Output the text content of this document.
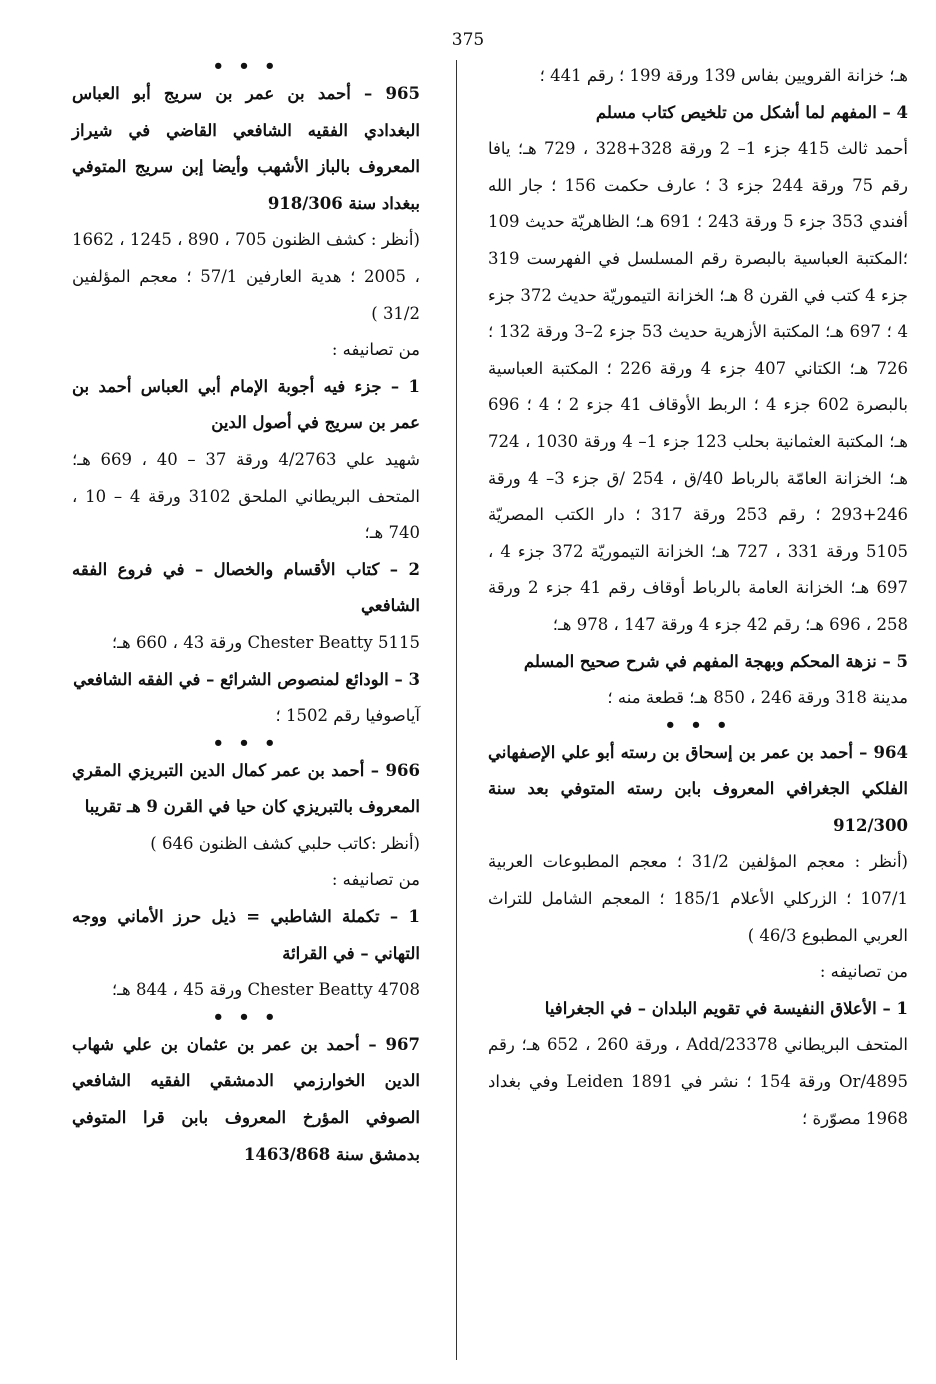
375

هـ؛ خزانة القرويين بفاس 139 ورقة 199 ؛ رقم 441 ؛

4 – المفهم لما أشكل من تلخيص كتاب مسلم

أحمد ثالث 415 جزء 1– 2 ورقة 328+328 ، 729 هـ؛ يافا رقم 75 ورقة 244 جزء 3 ؛ عارف حكمت 156 ؛ جار الله أفندي 353 جزء 5 ورقة 243 ؛ 691 هـ؛ الظاهريّة حديث 109 ؛المكتبة العباسية بالبصرة رقم المسلسل في الفهرست 319 جزء 4 كتب في القرن 8 هـ؛ الخزانة التيموريّة حديث 372 جزء 4 ؛ 697 هـ؛ المكتبة الأزهرية حديث 53 جزء 2–3 ورقة 132 ؛ 726 هـ؛ الكتاني 407 جزء 4 ورقة 226 ؛ المكتبة العباسية بالبصرة 602 جزء 4 ؛ الربط الأوقاف 41 جزء 2 ؛ 4 ؛ 696 هـ؛ المكتبة العثمانية بحلب 123 جزء 1– 4 ورقة 1030 ، 724 هـ؛ الخزانة العامّة بالرباط 40/ق ، 254 /ق جزء 3– 4 ورقة 246+293 ؛ رقم 253 ورقة 317 ؛ دار الكتب المصريّة 5105 ورقة 331 ، 727 هـ؛ الخزانة التيموريّة 372 جزء 4 ، 697 هـ؛ الخزانة العامة بالرباط أوقاف رقم 41 جزء 2 ورقة 258 ، 696 هـ؛ رقم 42 جزء 4 ورقة 147 ، 978 هـ؛

5 – نزهة المحكم وبهجة المفهم في شرح صحيح المسلم

مدينة 318 ورقة 246 ، 850 هـ؛ قطعة منه ؛

• • •

964 – أحمد بن عمر بن إسحاق بن رسته أبو علي الإصفهاني الفلكي الجغرافي المعروف بابن رسته المتوفي بعد سنة 912/300

(أنظر : معجم المؤلفين 31/2 ؛ معجم المطبوعات العربية 107/1 ؛ الزركلي الأعلام 185/1 ؛ المعجم الشامل للتراث العربي المطبوع 46/3 )

من تصانيفه :

1 – الأعلاق النفيسة في تقويم البلدان – في الجغرافيا

المتحف البريطاني 23378/Add ، ورقة 260 ، 652 هـ؛ رقم 4895/Or ورقة 154 ؛ نشر في 1891 Leiden وفي بغداد 1968 مصوّرة ؛

• • •

965 – أحمد بن عمر بن سريج أبو العباس البغدادي الفقيه الشافعي القاضي في شيراز المعروف بالباز الأشهب وأيضا إبن سريج المتوفي ببغداد سنة 918/306

(أنظر : كشف الظنون 705 ، 890 ، 1245 ، 1662 ، 2005 ؛ هدية العارفين 57/1 ؛ معجم المؤلفين 31/2 )

من تصانيفه :

1 – جزء فيه أجوبة الإمام أبي العباس أحمد بن عمر بن سريج في أصول الدين

شهيد علي 4/2763 ورقة 37 – 40 ، 669 هـ؛ المتحف البريطاني الملحق 3102 ورقة 4 – 10 ، 740 هـ؛

2 – كتاب الأقسام والخصال – في فروع الفقه الشافعي

Chester Beatty 5115 ورقة 43 ، 660 هـ؛

3 – الودائع لمنصوص الشرائع – في الفقه الشافعي

آياصوفيا رقم 1502 ؛

• • •

966 – أحمد بن عمر كمال الدين التبريزي المقري المعروف بالتبريزي كان حيا في القرن 9 هـ تقريبا

(أنظر :كاتب حلبي كشف الظنون 646 )

من تصانيفه :

1 – تكملة الشاطبي = ذيل حرز الأماني ووجه التهاني – في القرائة

Chester Beatty 4708 ورقة 45 ، 844 هـ؛

• • •

967 – أحمد بن عمر بن عثمان بن علي شهاب الدين الخوارزمي الدمشقي الفقيه الشافعي الصوفي المؤرخ المعروف بابن قرا المتوفي بدمشق سنة 1463/868
